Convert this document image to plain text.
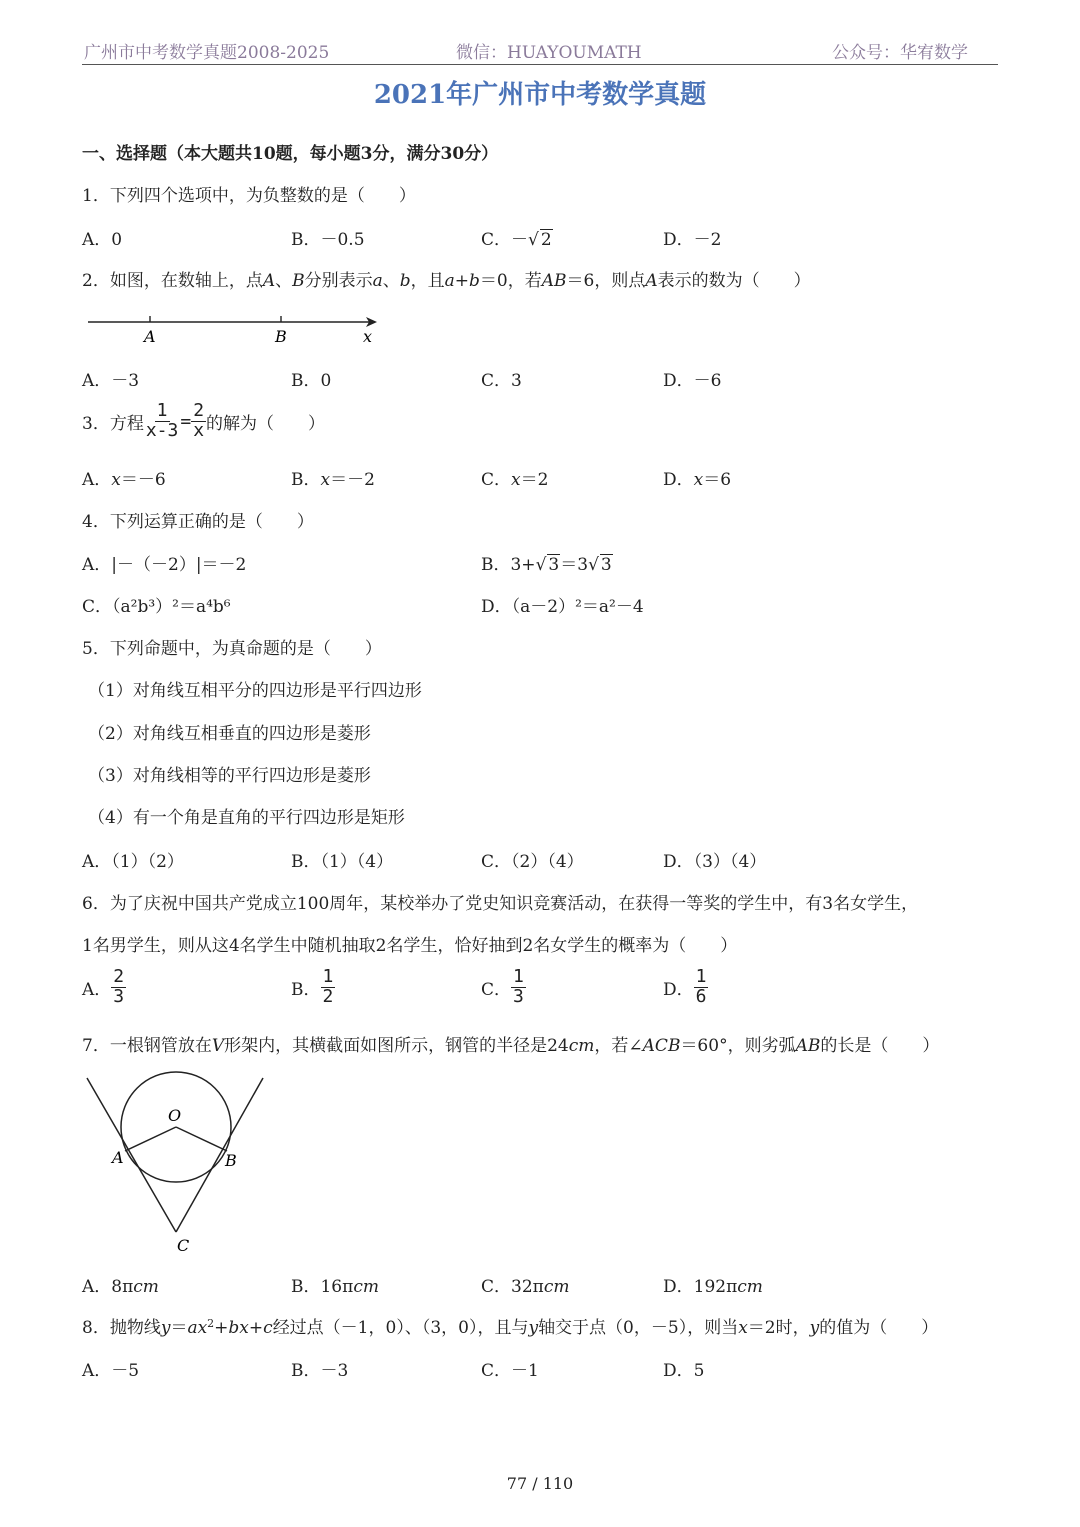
广州市中考数学真题2008-2025	微信：HUAYOUMATH	公众号：华宥数学
2021年广州市中考数学真题
一、选择题（本大题共10题，每小题3分，满分30分）
1．下列四个选项中，为负整数的是（　　）
A．0	B．－0.5	C．－√ 2	D．－2
2．如图，在数轴上，点A、B分别表示a、b，且a+b＝0，若AB＝6，则点A表示的数为（　　）
A	B	x
A．－3	B．0	C．3	D．－6
3．方程 $\frac{1}{x-3} = \frac{2}{x}$ 的解为（　　）
A．x＝－6	B．x＝－2	C．x＝2	D．x＝6
4．下列运算正确的是（　　）
A．|－（－2）|＝－2	B．3+√ 3＝3√ 3
C．（a²b³）²＝a⁴b⁶	D．（a－2）²＝a²－4
5．下列命题中，为真命题的是（　　）
（1）对角线互相平分的四边形是平行四边形
（2）对角线互相垂直的四边形是菱形
（3）对角线相等的平行四边形是菱形
（4）有一个角是直角的平行四边形是矩形
A．（1）（2）	B．（1）（4）	C．（2）（4）	D．（3）（4）
6．为了庆祝中国共产党成立100周年，某校举办了党史知识竞赛活动，在获得一等奖的学生中，有3名女学生，
1名男学生，则从这4名学生中随机抽取2名学生，恰好抽到2名女学生的概率为（　　）
A． $\frac{2}{3}$	B． $\frac{1}{2}$	C． $\frac{1}{3}$	D． $\frac{1}{6}$
7．一根钢管放在V形架内，其横截面如图所示，钢管的半径是24cm，若∠ACB＝60°，则劣弧AB的长是（　　）
O
A	B
C
A．8πcm	B．16πcm	C．32πcm	D．192πcm
8．抛物线$y=ax^2+bx+c$经过点（－1，0）、（3，0），且与y轴交于点（0，－5），则当x＝2时，y的值为（　　）
A．－5	B．－3	C．－1	D．5
77 / 110
